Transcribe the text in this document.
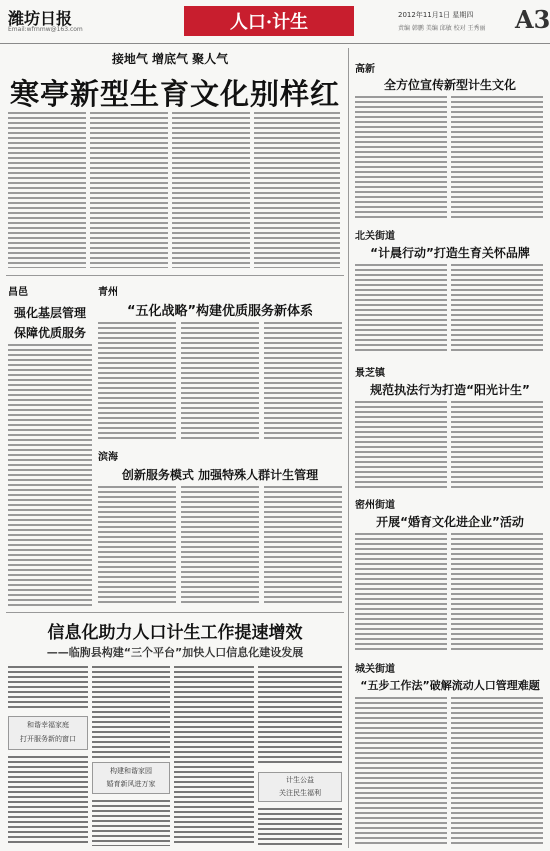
潍坊日报
Email:wfrnmw@163.com	人口·计生	2012年11月1日 星期四
责编 韩鹏 美编 邱敏 校对 王秀丽 A3
接地气 增底气 聚人气
寒亭新型生育文化别样红
高新
全方位宣传新型计生文化
北关街道
“计晨行动”打造生育关怀品牌
景芝镇
规范执法行为打造“阳光计生”
密州街道
开展“婚育文化进企业”活动
城关街道
“五步工作法”破解流动人口管理难题
昌邑
强化基层管理
保障优质服务
青州
“五化战略”构建优质服务新体系
滨海
创新服务模式 加强特殊人群计生管理
信息化助力人口计生工作提速增效
——临朐县构建“三个平台”加快人口信息化建设发展
和谐幸福家庭
打开服务新的窗口
构建和谐家园
婚育新风进万家	计生公益
关注民生福利
